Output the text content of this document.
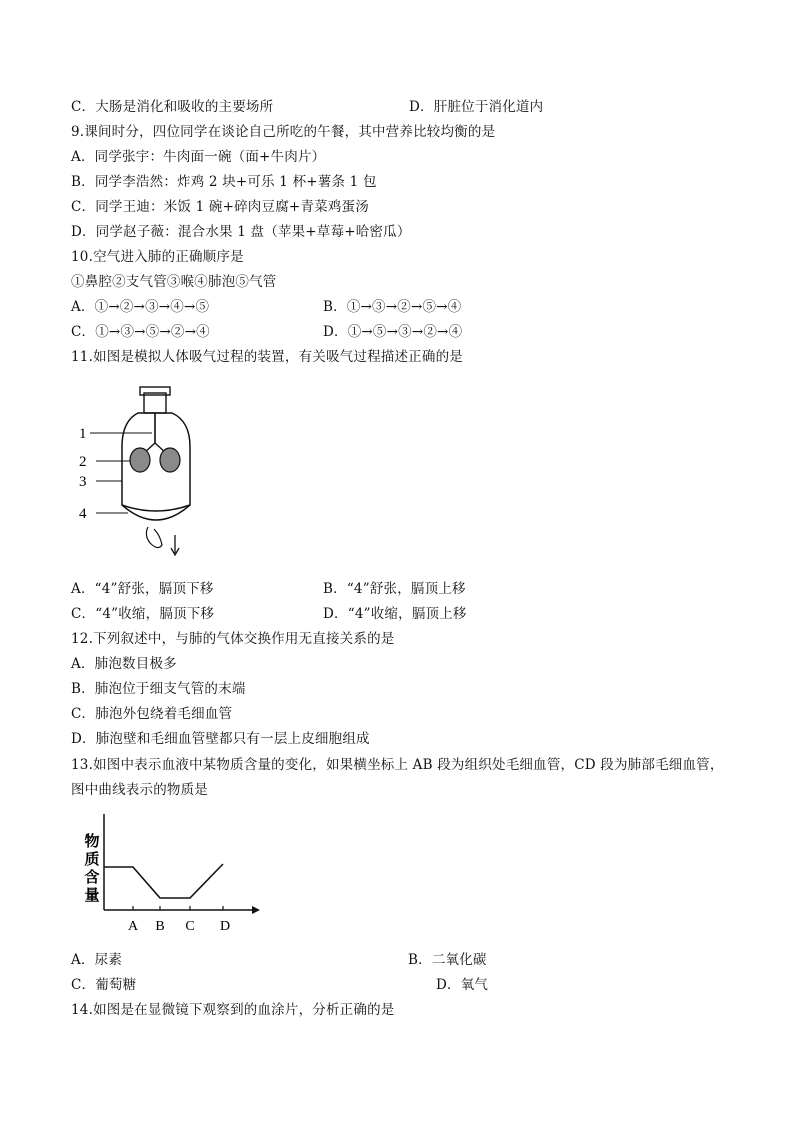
C．大肠是消化和吸收的主要场所	D．肝脏位于消化道内
9.课间时分，四位同学在谈论自己所吃的午餐，其中营养比较均衡的是
A．同学张宇：牛肉面一碗（面+牛肉片）
B．同学李浩然：炸鸡 2 块+可乐 1 杯+薯条 1 包
C．同学王迪：米饭 1 碗+碎肉豆腐+青菜鸡蛋汤
D．同学赵子薇：混合水果 1 盘（苹果+草莓+哈密瓜）
10.空气进入肺的正确顺序是
①鼻腔②支气管③喉④肺泡⑤气管
A．①→②→③→④→⑤	B．①→③→②→⑤→④
C．①→③→⑤→②→④	D．①→⑤→③→②→④
11.如图是模拟人体吸气过程的装置，有关吸气过程描述正确的是
1
2
3
4
A．“4”舒张，膈顶下移	B．“4”舒张，膈顶上移
C．“4”收缩，膈顶下移	D．“4”收缩，膈顶上移
12.下列叙述中，与肺的气体交换作用无直接关系的是
A．肺泡数目极多
B．肺泡位于细支气管的末端
C．肺泡外包绕着毛细血管
D．肺泡壁和毛细血管壁都只有一层上皮细胞组成
13.如图中表示血液中某物质含量的变化，如果横坐标上 AB 段为组织处毛细血管，CD 段为肺部毛细血管，
图中曲线表示的物质是
物
质
含
量
A B C D
A．尿素	B．二氧化碳
C．葡萄糖	D．氧气
14.如图是在显微镜下观察到的血涂片，分析正确的是
